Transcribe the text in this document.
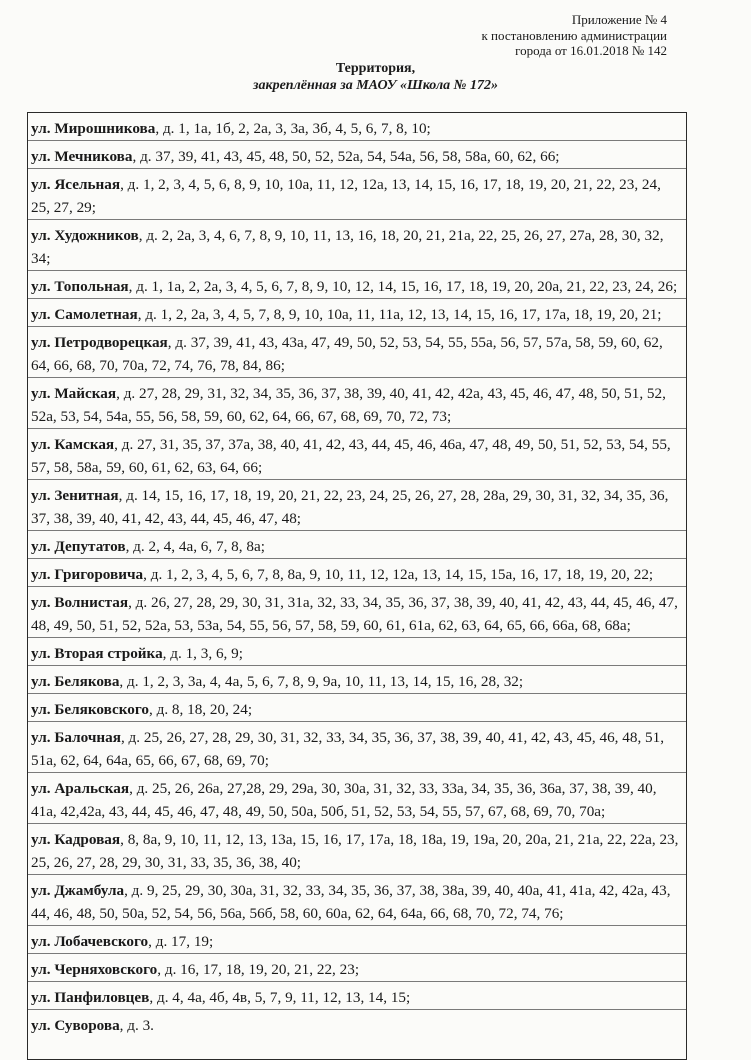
Приложение № 4
к постановлению администрации
города от 16.01.2018 № 142
Территория,
закреплённая за МАОУ «Школа № 172»
ул. Мирошникова, д. 1, 1а, 1б, 2, 2а, 3, 3а, 3б, 4, 5, 6, 7, 8, 10;
ул. Мечникова, д. 37, 39, 41, 43, 45, 48, 50, 52, 52а, 54, 54а, 56, 58, 58а, 60, 62, 66;
ул. Ясельная, д. 1, 2, 3, 4, 5, 6, 8, 9, 10, 10а, 11, 12, 12а, 13, 14, 15, 16, 17, 18, 19, 20, 21, 22, 23, 24, 25, 27, 29;
ул. Художников, д. 2, 2а, 3, 4, 6, 7, 8, 9, 10, 11, 13, 16, 18, 20, 21, 21а, 22, 25, 26, 27, 27а, 28, 30, 32, 34;
ул. Топольная, д. 1, 1а, 2, 2а, 3, 4, 5, 6, 7, 8, 9, 10, 12, 14, 15, 16, 17, 18, 19, 20, 20а, 21, 22, 23, 24, 26;
ул. Самолетная, д. 1, 2, 2а, 3, 4, 5, 7, 8, 9, 10, 10а, 11, 11а, 12, 13, 14, 15, 16, 17, 17а, 18, 19, 20, 21;
ул. Петродворецкая, д. 37, 39, 41, 43, 43а, 47, 49, 50, 52, 53, 54, 55, 55а, 56, 57, 57а, 58, 59, 60, 62, 64, 66, 68, 70, 70а, 72, 74, 76, 78, 84, 86;
ул. Майская, д. 27, 28, 29, 31, 32, 34, 35, 36, 37, 38, 39, 40, 41, 42, 42а, 43, 45, 46, 47, 48, 50, 51, 52, 52а, 53, 54, 54а, 55, 56, 58, 59, 60, 62, 64, 66, 67, 68, 69, 70, 72, 73;
ул. Камская, д. 27, 31, 35, 37, 37а, 38, 40, 41, 42, 43, 44, 45, 46, 46а, 47, 48, 49, 50, 51, 52, 53, 54, 55, 57, 58, 58а, 59, 60, 61, 62, 63, 64, 66;
ул. Зенитная, д. 14, 15, 16, 17, 18, 19, 20, 21, 22, 23, 24, 25, 26, 27, 28, 28а, 29, 30, 31, 32, 34, 35, 36, 37, 38, 39, 40, 41, 42, 43, 44, 45, 46, 47, 48;
ул. Депутатов, д. 2, 4, 4а, 6, 7, 8, 8а;
ул. Григоровича, д. 1, 2, 3, 4, 5, 6, 7, 8, 8а, 9, 10, 11, 12, 12а, 13, 14, 15, 15а, 16, 17, 18, 19, 20, 22;
ул. Волнистая, д. 26, 27, 28, 29, 30, 31, 31а, 32, 33, 34, 35, 36, 37, 38, 39, 40, 41, 42, 43, 44, 45, 46, 47, 48, 49, 50, 51, 52, 52а, 53, 53а, 54, 55, 56, 57, 58, 59, 60, 61, 61а, 62, 63, 64, 65, 66, 66а, 68, 68а;
ул. Вторая стройка, д. 1, 3, 6, 9;
ул. Белякова, д. 1, 2, 3, 3а, 4, 4а, 5, 6, 7, 8, 9, 9а, 10, 11, 13, 14, 15, 16, 28, 32;
ул. Беляковского, д. 8, 18, 20, 24;
ул. Балочная, д. 25, 26, 27, 28, 29, 30, 31, 32, 33, 34, 35, 36, 37, 38, 39, 40, 41, 42, 43, 45, 46, 48, 51, 51а, 62, 64, 64а, 65, 66, 67, 68, 69, 70;
ул. Аральская, д. 25, 26, 26а, 27,28, 29, 29а, 30, 30а, 31, 32, 33, 33а, 34, 35, 36, 36а, 37, 38, 39, 40, 41а, 42,42а, 43, 44, 45, 46, 47, 48, 49, 50, 50а, 50б, 51, 52, 53, 54, 55, 57, 67, 68, 69, 70, 70а;
ул. Кадровая, 8, 8а, 9, 10, 11, 12, 13, 13а, 15, 16, 17, 17а, 18, 18а, 19, 19а, 20, 20а, 21, 21а, 22, 22а, 23, 25, 26, 27, 28, 29, 30, 31, 33, 35, 36, 38, 40;
ул. Джамбула, д. 9, 25, 29, 30, 30а, 31, 32, 33, 34, 35, 36, 37, 38, 38а, 39, 40, 40а, 41, 41а, 42, 42а, 43, 44, 46, 48, 50, 50а, 52, 54, 56, 56а, 56б, 58, 60, 60а, 62, 64, 64а, 66, 68, 70, 72, 74, 76;
ул. Лобачевского, д. 17, 19;
ул. Черняховского, д. 16, 17, 18, 19, 20, 21, 22, 23;
ул. Панфиловцев, д. 4, 4а, 4б, 4в, 5, 7, 9, 11, 12, 13, 14, 15;
ул. Суворова, д. 3.
